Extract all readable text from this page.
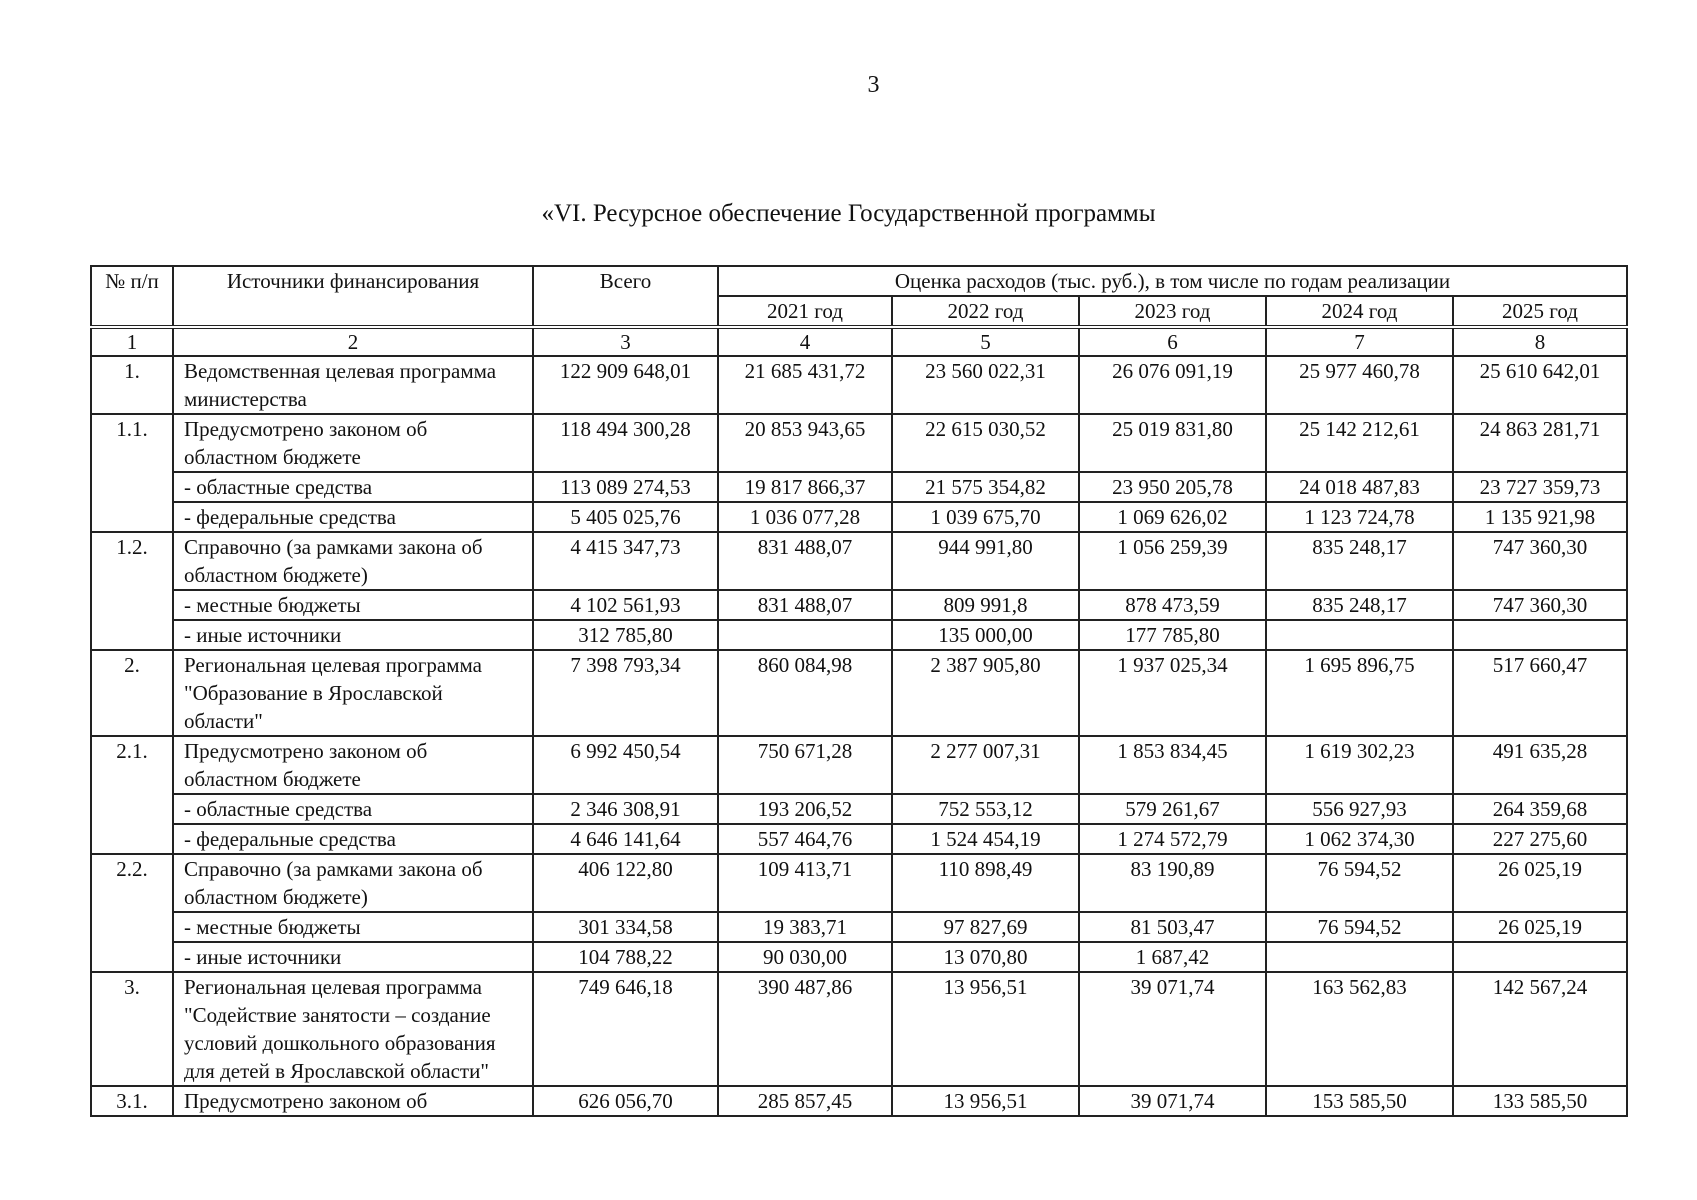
3
«VI. Ресурсное обеспечение Государственной программы
№ п/п	Источники финансирования	Всего	Оценка расходов (тыс. руб.), в том числе по годам реализации				
			2021 год	2022 год	2023 год	2024 год	2025 год
1	2	3	4	5	6	7	8
1.	Ведомственная целевая программа министерства	122 909 648,01	21 685 431,72	23 560 022,31	26 076 091,19	25 977 460,78	25 610 642,01
1.1.	Предусмотрено законом об областном бюджете	118 494 300,28	20 853 943,65	22 615 030,52	25 019 831,80	25 142 212,61	24 863 281,71
	- областные средства	113 089 274,53	19 817 866,37	21 575 354,82	23 950 205,78	24 018 487,83	23 727 359,73
	- федеральные средства	5 405 025,76	1 036 077,28	1 039 675,70	1 069 626,02	1 123 724,78	1 135 921,98
1.2.	Справочно (за рамками закона об областном бюджете)	4 415 347,73	831 488,07	944 991,80	1 056 259,39	835 248,17	747 360,30
	- местные бюджеты	4 102 561,93	831 488,07	809 991,8	878 473,59	835 248,17	747 360,30
	- иные источники	312 785,80		135 000,00	177 785,80		
2.	Региональная целевая программа "Образование в Ярославской области"	7 398 793,34	860 084,98	2 387 905,80	1 937 025,34	1 695 896,75	517 660,47
2.1.	Предусмотрено законом об областном бюджете	6 992 450,54	750 671,28	2 277 007,31	1 853 834,45	1 619 302,23	491 635,28
	- областные средства	2 346 308,91	193 206,52	752 553,12	579 261,67	556 927,93	264 359,68
	- федеральные средства	4 646 141,64	557 464,76	1 524 454,19	1 274 572,79	1 062 374,30	227 275,60
2.2.	Справочно (за рамками закона об областном бюджете)	406 122,80	109 413,71	110 898,49	83 190,89	76 594,52	26 025,19
	- местные бюджеты	301 334,58	19 383,71	97 827,69	81 503,47	76 594,52	26 025,19
	- иные источники	104 788,22	90 030,00	13 070,80	1 687,42		
3.	Региональная целевая программа "Содействие занятости – создание условий дошкольного образования для детей в Ярославской области"	749 646,18	390 487,86	13 956,51	39 071,74	163 562,83	142 567,24
3.1.	Предусмотрено законом об	626 056,70	285 857,45	13 956,51	39 071,74	153 585,50	133 585,50
